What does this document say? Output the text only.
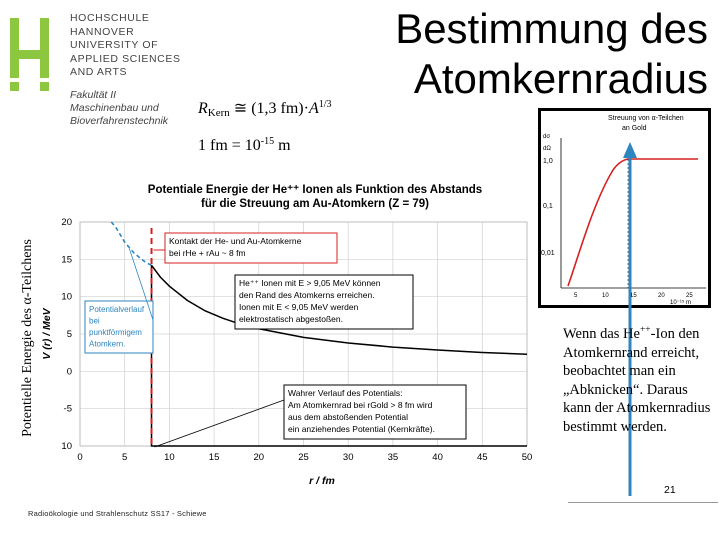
HOCHSCHULE
HANNOVER
UNIVERSITY OF
APPLIED SCIENCES
AND ARTS
Fakultät II
Maschinenbau und
Bioverfahrenstechnik
Bestimmung des
Atomkernradius
$R_{Kern}$ ≅ (1,3 $fm)\cdot A^{1/3}$
1 fm = $10^{-15}$ m
Potentielle Energie des α-Teilchens
Potentiale Energie der He⁺⁺ Ionen als Funktion des Abstands
für die Streuung am Au-Atomkern (Z = 79)
0	5	10	15	20	25	30	35	40	45	50
20
15
10
5
0
-5
10
r / fm
V (r) / MeV
Kontakt der He- und Au-Atomkerne
bei rHe + rAu ~ 8 fm
He⁺⁺ Ionen mit E > 9,05 MeV können
den Rand des Atomkerns erreichen.
Ionen mit E < 9,05 MeV werden
elektrostatisch abgestoßen.
Potentialverlauf
bei
punktförmigem
Atomkern.
Wahrer Verlauf des Potentials:
Am Atomkernrad bei rGold > 8 fm wird
aus dem abstoßenden Potential
ein anziehendes Potential (Kernkräfte).
Streuung von α-Teilchen
an Gold
dσ
dΩ
1,0
0,1
0,01
5	10	15	20	25
10⁻¹⁵ m
Wenn das He++-Ion den Atomkernrand erreicht, beobachtet man ein „Abknicken“. Daraus kann der Atomkernradius bestimmt werden.
21
Radioökologie und Strahlenschutz SS17 - Schiewe
